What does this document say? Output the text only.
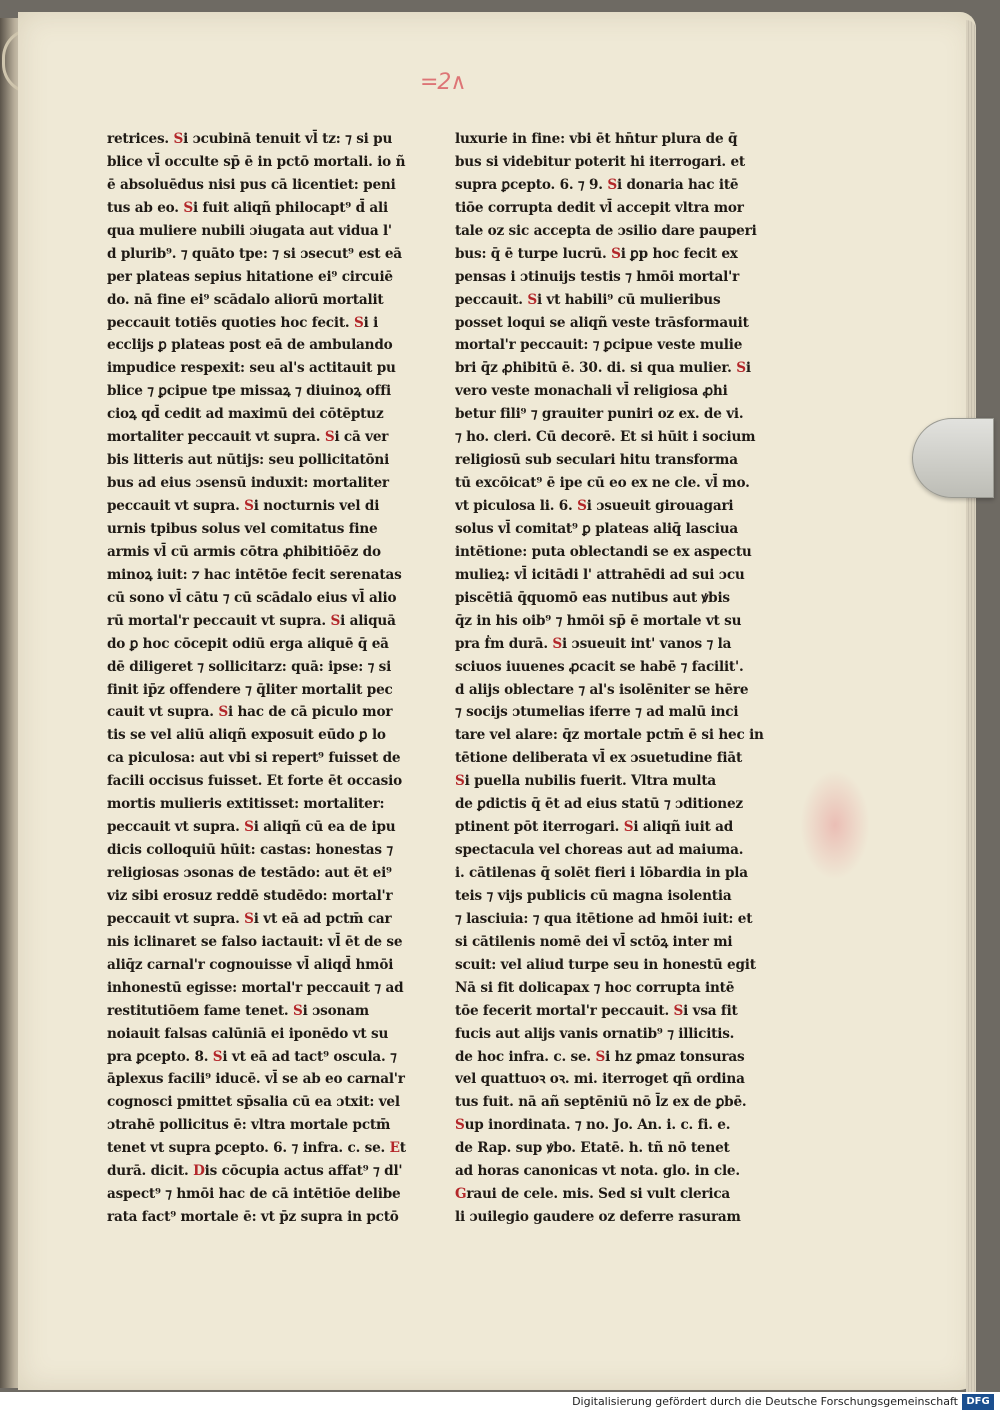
=2∧
retrices. Si ɔcubinā tenuit vl̄ tz: ⁊ si pu
blice vl̄ occulte sp̄ ē in pctō mortali. io ñ
ē absoluēdus nisi pus cā licentiet: peni
tus ab eo. Si fuit aliqñ philocapt⁹ d̄ ali
qua muliere nubili ɔiugata aut vidua l'
d plurib⁹. ⁊ quāto tpe: ⁊ si ɔsecut⁹ est eā
per plateas sepius hitatione ei⁹ circuiē
do. nā fine ei⁹ scādalo aliorū mortalit
peccauit totiēs quoties hoc fecit. Si i
ecclijs ꝑ plateas post eā de ambulando
impudice respexit: seu al's actitauit pu
blice ⁊ ꝑcipue tpe missaꝝ ⁊ diuinoꝝ offi
cioꝝ qd̄ cedit ad maximū dei cōtēptuz
mortaliter peccauit vt supra. Si cā ver
bis litteris aut nūtijs: seu pollicitatōni
bus ad eius ɔsensū induxit: mortaliter
peccauit vt supra. Si nocturnis vel di
urnis tpibus solus vel comitatus fine
armis vl̄ cū armis cōtra ꝓhibitiōēz do
minoꝝ iuit: ⁊ hac intētōe fecit serenatas
cū sono vl̄ cātu ⁊ cū scādalo eius vl̄ alio
rū mortal'r peccauit vt supra. Si aliquā
do ꝑ hoc cōcepit odiū erga aliquē q̄ eā
dē diligeret ⁊ sollicitarz: quā: ipse: ⁊ si
finit ip̄z offendere ⁊ q̄liter mortalit pec
cauit vt supra. Si hac de cā piculo mor
tis se vel aliū aliqñ exposuit eūdo ꝑ lo
ca piculosa: aut vbi si repert⁹ fuisset de
facili occisus fuisset. Et forte ēt occasio
mortis mulieris extitisset: mortaliter:
peccauit vt supra. Si aliqñ cū ea de ipu
dicis colloquiū hūit: castas: honestas ⁊
religiosas ɔsonas de testādo: aut ēt ei⁹
viz sibi erosuz reddē studēdo: mortal'r
peccauit vt supra. Si vt eā ad pctm̄ car
nis iclinaret se falso iactauit: vl̄ ēt de se
aliq̄z carnal'r cognouisse vl̄ aliqd̄ hmōi
inhonestū egisse: mortal'r peccauit ⁊ ad
restitutiōem fame tenet. Si ɔsonam
noiauit falsas calūniā ei iponēdo vt su
pra ꝑcepto. 8. Si vt eā ad tact⁹ oscula. ⁊
āplexus facili⁹ iducē. vl̄ se ab eo carnal'r
cognosci pmittet sp̄salia cū ea ɔtxit: vel
ɔtrahē pollicitus ē: vltra mortale pctm̄
tenet vt supra ꝑcepto. 6. ⁊ infra. c. se. Et
durā. dicit. Dis cōcupia actus affat⁹ ⁊ dl'
aspect⁹ ⁊ hmōi hac de cā intētiōe delibe
rata fact⁹ mortale ē: vt p̄z supra in pctō
luxurie in fine: vbi ēt hn̄tur plura de q̄
bus si videbitur poterit hi iterrogari. et
supra ꝑcepto. 6. ⁊ 9. Si donaria hac itē
tiōe corrupta dedit vl̄ accepit vltra mor
tale oz sic accepta de ɔsilio dare pauperi
bus: q̄ ē turpe lucrū. Si ꝑp hoc fecit ex
pensas i ɔtinuijs testis ⁊ hmōi mortal'r
peccauit. Si vt habili⁹ cū mulieribus
posset loqui se aliqñ veste trāsformauit
mortal'r peccauit: ⁊ ꝑcipue veste mulie
bri q̄z ꝓhibitū ē. 30. di. si qua mulier. Si
vero veste monachali vl̄ religiosa ꝓhi
betur fili⁹ ⁊ grauiter puniri oz ex. de vi.
⁊ ho. cleri. Cū decorē. Et si hūit i socium
religiosū sub seculari hitu transforma
tū excōicat⁹ ē ipe cū eo ex ne cle. vl̄ mo.
vt piculosa li. 6. Si ɔsueuit girouagari
solus vl̄ comitat⁹ ꝑ plateas aliq̄ lasciua
intētione: puta oblectandi se ex aspectu
mulieꝝ: vl̄ icitādi l' attrahēdi ad sui ɔcu
piscētiā q̄quomō eas nutibus aut ꝟbis
q̄z in his oib⁹ ⁊ hmōi sp̄ ē mortale vt su
pra ḟm durā. Si ɔsueuit int' vanos ⁊ la
sciuos iuuenes ꝓcacit se habē ⁊ facilit'.
d alijs oblectare ⁊ al's isolēniter se hēre
⁊ socijs ɔtumelias iferre ⁊ ad malū inci
tare vel alare: q̄z mortale pctm̄ ē si hec in
tētione deliberata vl̄ ex ɔsuetudine fiāt
Si puella nubilis fuerit. Vltra multa
de ꝑdictis q̄ ēt ad eius statū ⁊ ɔditionez
ptinent pōt iterrogari. Si aliqñ iuit ad
spectacula vel choreas aut ad maiuma.
i. cātilenas q̄ solēt fieri i lōbardia in pla
teis ⁊ vijs publicis cū magna isolentia
⁊ lasciuia: ⁊ qua itētione ad hmōi iuit: et
si cātilenis nomē dei vl̄ sctōꝝ inter mi
scuit: vel aliud turpe seu in honestū egit
Nā si fit dolicapax ⁊ hoc corrupta intē
tōe fecerit mortal'r peccauit. Si vsa fit
fucis aut alijs vanis ornatib⁹ ⁊ illicitis.
de hoc infra. c. se. Si hz ꝑmaz tonsuras
vel quattuoꝛ oꝛ. mi. iterroget qñ ordina
tus fuit. nā añ septēniū nō l̄z ex de ꝑbē.
Sup inordinata. ⁊ no. Jo. An. i. c. fi. e.
de Rap. sup ꝟbo. Etatē. h. tñ nō tenet
ad horas canonicas vt nota. glo. in cle.
Graui de cele. mis. Sed si vult clerica
li ɔuilegio gaudere oz deferre rasuram
Digitalisierung gefördert durch die Deutsche Forschungsgemeinschaft DFG
